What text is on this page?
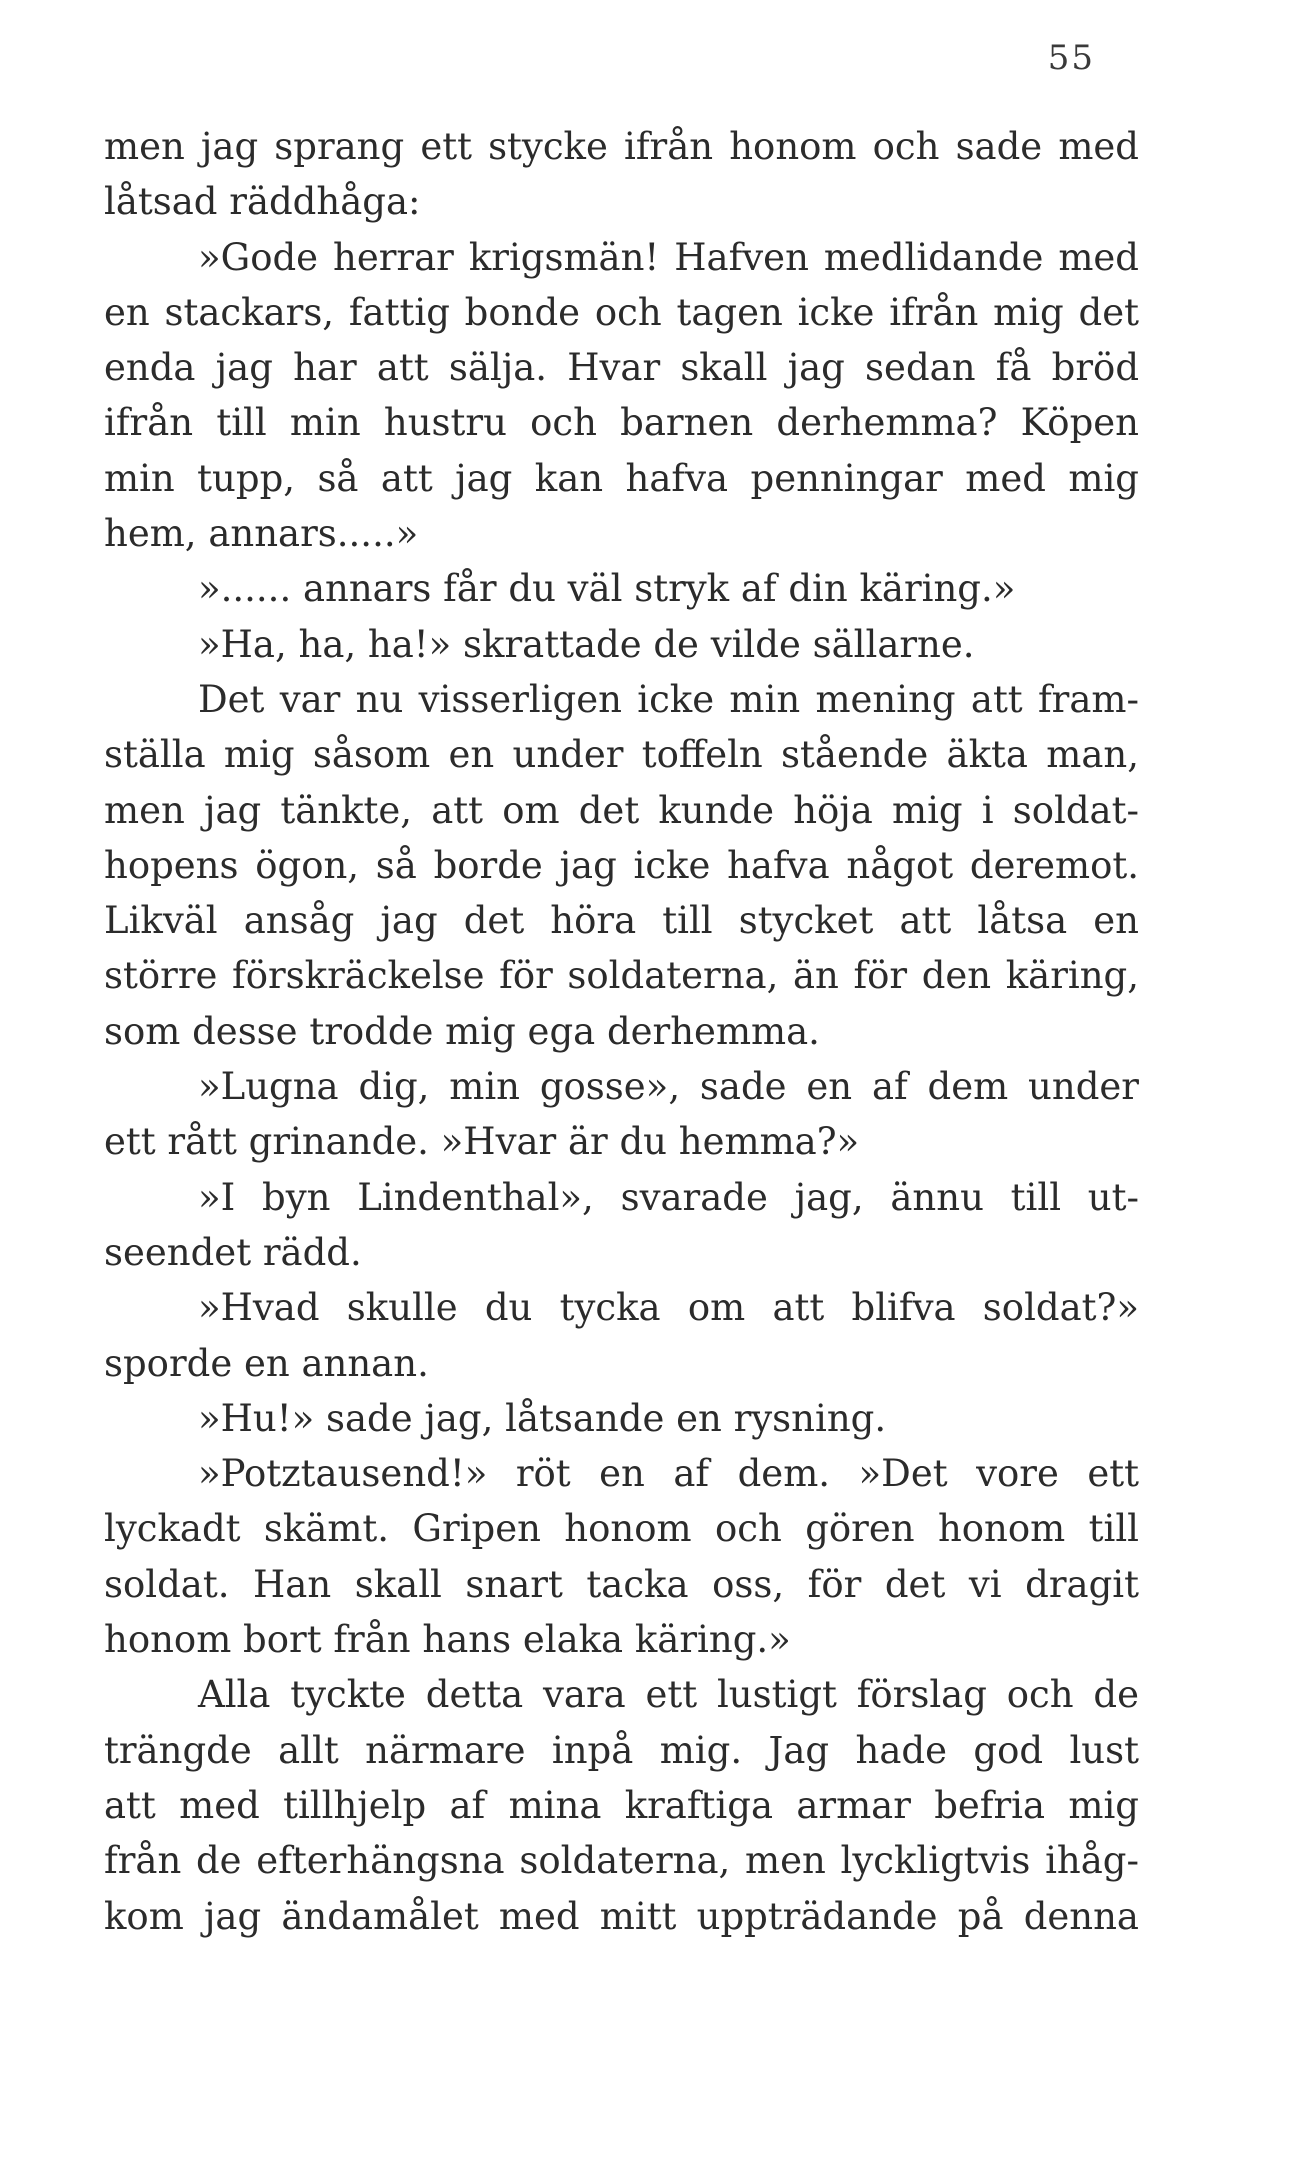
55
men jag sprang ett stycke ifrån honom och sade med
låtsad räddhåga:
»Gode herrar krigsmän! Hafven medlidande med
en stackars, fattig bonde och tagen icke ifrån mig det
enda jag har att sälja. Hvar skall jag sedan få bröd
ifrån till min hustru och barnen derhemma? Köpen
min tupp, så att jag kan hafva penningar med mig
hem, annars.....»
»...... annars får du väl stryk af din käring.»
»Ha, ha, ha!» skrattade de vilde sällarne.
Det var nu visserligen icke min mening att fram-
ställa mig såsom en under toffeln stående äkta man,
men jag tänkte, att om det kunde höja mig i soldat-
hopens ögon, så borde jag icke hafva något deremot.
Likväl ansåg jag det höra till stycket att låtsa en
större förskräckelse för soldaterna, än för den käring,
som desse trodde mig ega derhemma.
»Lugna dig, min gosse», sade en af dem under
ett rått grinande. »Hvar är du hemma?»
»I byn Lindenthal», svarade jag, ännu till ut-
seendet rädd.
»Hvad skulle du tycka om att blifva soldat?»
sporde en annan.
»Hu!» sade jag, låtsande en rysning.
»Potztausend!» röt en af dem. »Det vore ett
lyckadt skämt. Gripen honom och gören honom till
soldat. Han skall snart tacka oss, för det vi dragit
honom bort från hans elaka käring.»
Alla tyckte detta vara ett lustigt förslag och de
trängde allt närmare inpå mig. Jag hade god lust
att med tillhjelp af mina kraftiga armar befria mig
från de efterhängsna soldaterna, men lyckligtvis ihåg-
kom jag ändamålet med mitt uppträdande på denna
